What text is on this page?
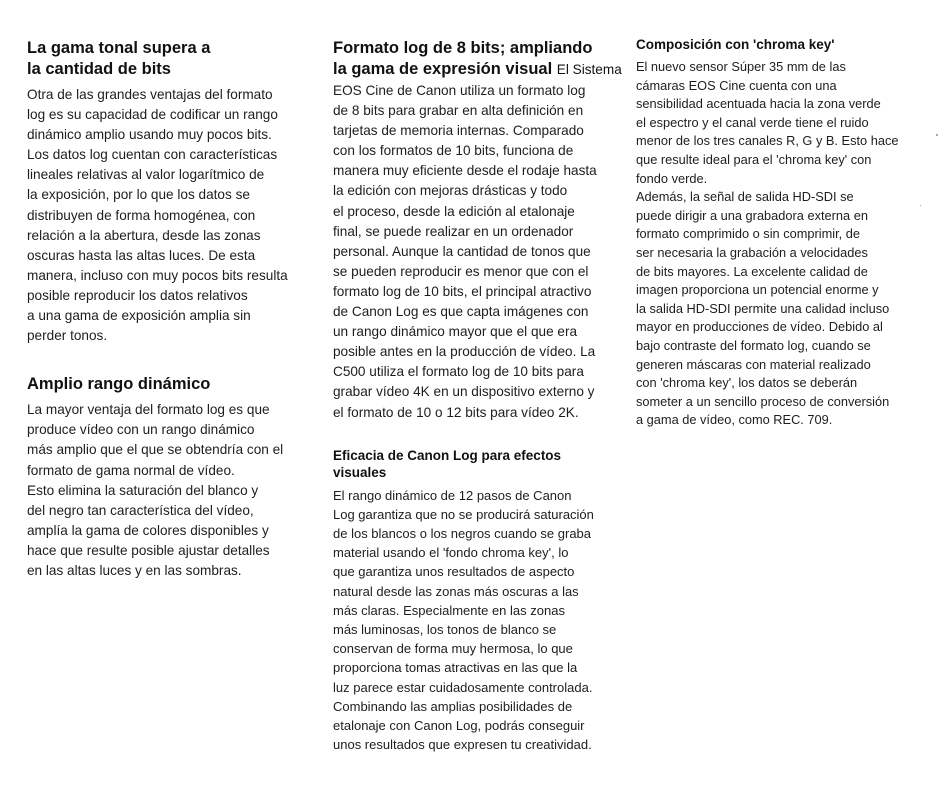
La gama tonal supera a
la cantidad de bits
Otra de las grandes ventajas del formato
log es su capacidad de codificar un rango
dinámico amplio usando muy pocos bits.
Los datos log cuentan con características
lineales relativas al valor logarítmico de
la exposición, por lo que los datos se
distribuyen de forma homogénea, con
relación a la abertura, desde las zonas
oscuras hasta las altas luces. De esta
manera, incluso con muy pocos bits resulta
posible reproducir los datos relativos
a una gama de exposición amplia sin
perder tonos.
Amplio rango dinámico
La mayor ventaja del formato log es que
produce vídeo con un rango dinámico
más amplio que el que se obtendría con el
formato de gama normal de vídeo.
Esto elimina la saturación del blanco y
del negro tan característica del vídeo,
amplía la gama de colores disponibles y
hace que resulte posible ajustar detalles
en las altas luces y en las sombras.
Formato log de 8 bits; ampliando
la gama de expresión visual El Sistema
EOS Cine de Canon utiliza un formato log
de 8 bits para grabar en alta definición en
tarjetas de memoria internas. Comparado
con los formatos de 10 bits, funciona de
manera muy eficiente desde el rodaje hasta
la edición con mejoras drásticas y todo
el proceso, desde la edición al etalonaje
final, se puede realizar en un ordenador
personal. Aunque la cantidad de tonos que
se pueden reproducir es menor que con el
formato log de 10 bits, el principal atractivo
de Canon Log es que capta imágenes con
un rango dinámico mayor que el que era
posible antes en la producción de vídeo. La
C500 utiliza el formato log de 10 bits para
grabar vídeo 4K en un dispositivo externo y
el formato de 10 o 12 bits para vídeo 2K.
Eficacia de Canon Log para efectos
visuales
El rango dinámico de 12 pasos de Canon
Log garantiza que no se producirá saturación
de los blancos o los negros cuando se graba
material usando el 'fondo chroma key', lo
que garantiza unos resultados de aspecto
natural desde las zonas más oscuras a las
más claras. Especialmente en las zonas
más luminosas, los tonos de blanco se
conservan de forma muy hermosa, lo que
proporciona tomas atractivas en las que la
luz parece estar cuidadosamente controlada.
Combinando las amplias posibilidades de
etalonaje con Canon Log, podrás conseguir
unos resultados que expresen tu creatividad.
Composición con 'chroma key'
El nuevo sensor Súper 35 mm de las
cámaras EOS Cine cuenta con una
sensibilidad acentuada hacia la zona verde
el espectro y el canal verde tiene el ruido
menor de los tres canales R, G y B. Esto hace
que resulte ideal para el 'chroma key' con
fondo verde.
Además, la señal de salida HD-SDI se
puede dirigir a una grabadora externa en
formato comprimido o sin comprimir, de
ser necesaria la grabación a velocidades
de bits mayores. La excelente calidad de
imagen proporciona un potencial enorme y
la salida HD-SDI permite una calidad incluso
mayor en producciones de vídeo. Debido al
bajo contraste del formato log, cuando se
generen máscaras con material realizado
con 'chroma key', los datos se deberán
someter a un sencillo proceso de conversión
a gama de vídeo, como REC. 709.
